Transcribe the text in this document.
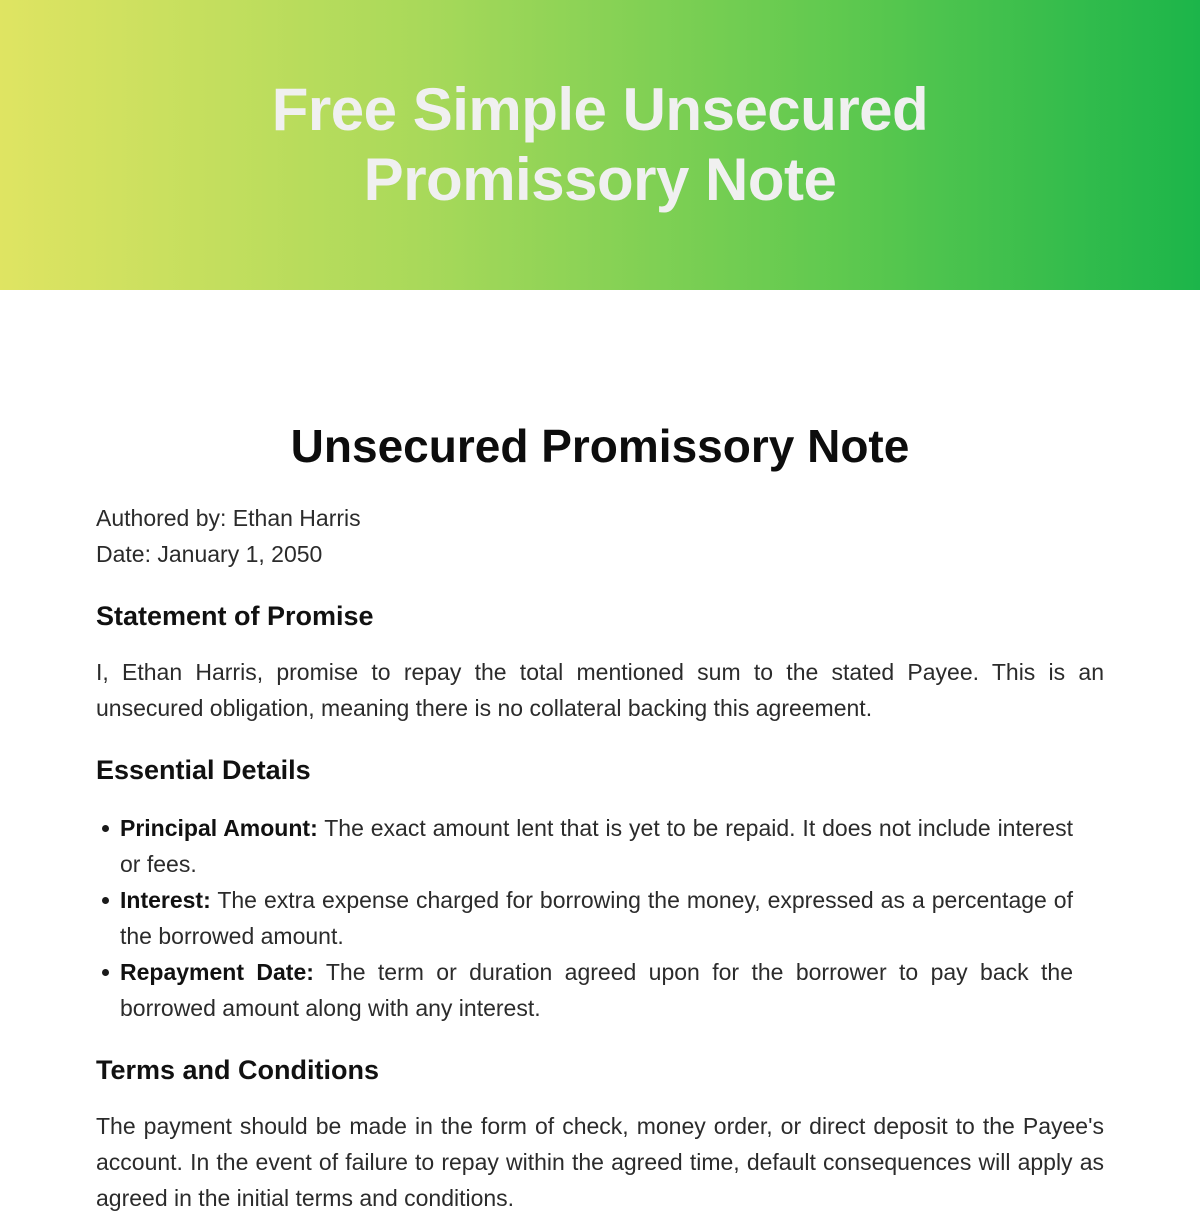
Free Simple Unsecured Promissory Note
Unsecured Promissory Note
Authored by: Ethan Harris
Date: January 1, 2050
Statement of Promise

I, Ethan Harris, promise to repay the total mentioned sum to the stated Payee. This is an unsecured obligation, meaning there is no collateral backing this agreement.

Essential Details
Principal Amount: The exact amount lent that is yet to be repaid. It does not include interest or fees.
Interest: The extra expense charged for borrowing the money, expressed as a percentage of the borrowed amount.
Repayment Date: The term or duration agreed upon for the borrower to pay back the borrowed amount along with any interest.
Terms and Conditions

The payment should be made in the form of check, money order, or direct deposit to the Payee's account. In the event of failure to repay within the agreed time, default consequences will apply as agreed in the initial terms and conditions.
